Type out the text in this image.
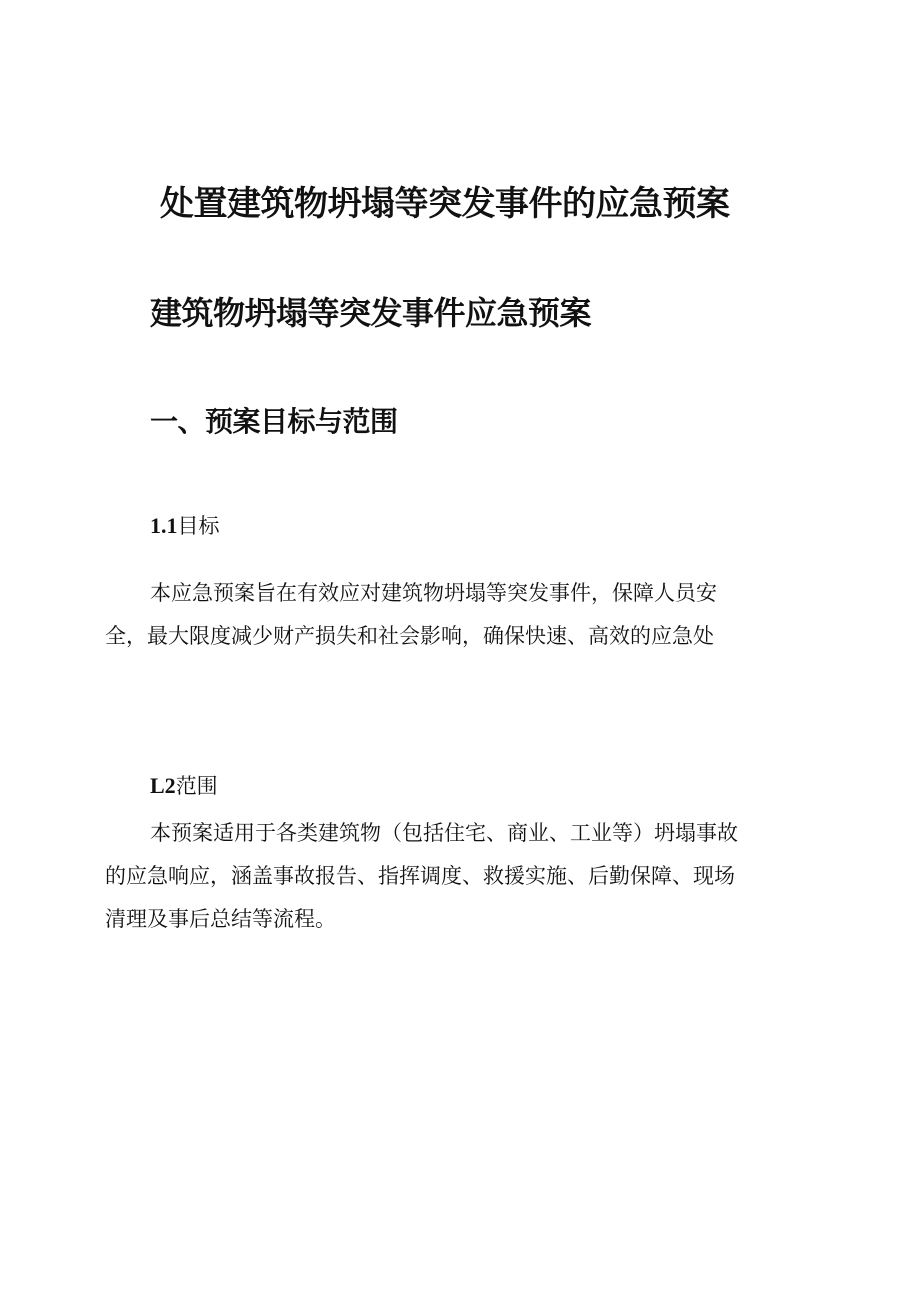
处置建筑物坍塌等突发事件的应急预案
建筑物坍塌等突发事件应急预案
一、预案目标与范围
1.1目标

本应急预案旨在有效应对建筑物坍塌等突发事件，保障人员安
全，最大限度减少财产损失和社会影响，确保快速、高效的应急处

L2范围

本预案适用于各类建筑物（包括住宅、商业、工业等）坍塌事故
的应急响应，涵盖事故报告、指挥调度、救援实施、后勤保障、现场
清理及事后总结等流程。
